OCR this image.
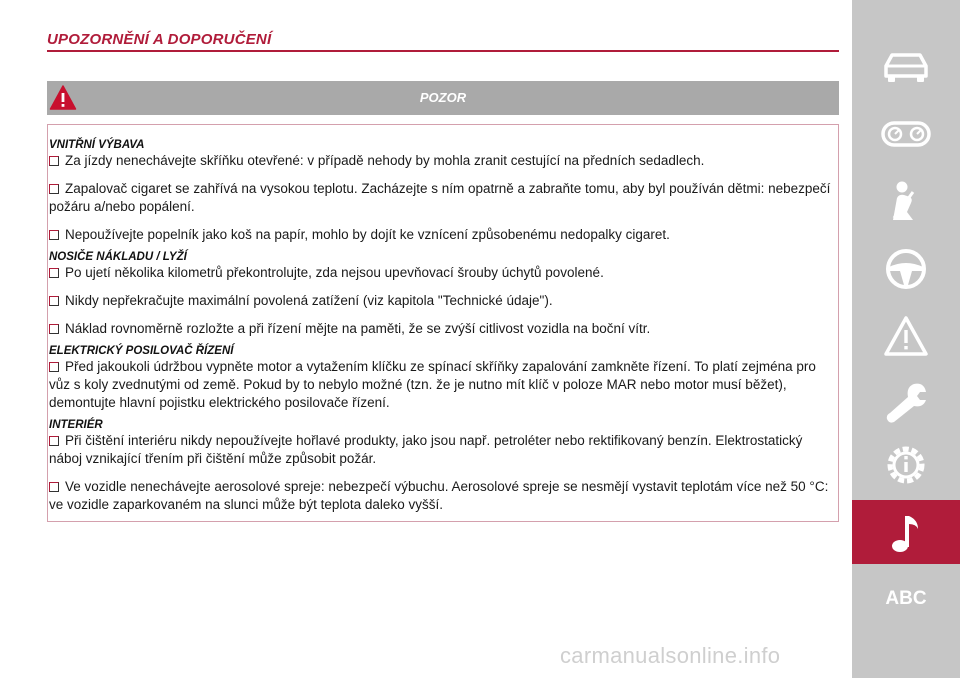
UPOZORNĚNÍ A DOPORUČENÍ
POZOR
VNITŘNÍ VÝBAVA
Za jízdy nenechávejte skříňku otevřené: v případě nehody by mohla zranit cestující na předních sedadlech.
Zapalovač cigaret se zahřívá na vysokou teplotu. Zacházejte s ním opatrně a zabraňte tomu, aby byl používán dětmi: nebezpečí požáru a/nebo popálení.
Nepoužívejte popelník jako koš na papír, mohlo by dojít ke vznícení způsobenému nedopalky cigaret.
NOSIČE NÁKLADU / LYŽÍ
Po ujetí několika kilometrů překontrolujte, zda nejsou upevňovací šrouby úchytů povolené.
Nikdy nepřekračujte maximální povolená zatížení (viz kapitola "Technické údaje").
Náklad rovnoměrně rozložte a při řízení mějte na paměti, že se zvýší citlivost vozidla na boční vítr.
ELEKTRICKÝ POSILOVAČ ŘÍZENÍ
Před jakoukoli údržbou vypněte motor a vytažením klíčku ze spínací skříňky zapalování zamkněte řízení. To platí zejména pro vůz s koly zvednutými od země. Pokud by to nebylo možné (tzn. že je nutno mít klíč v poloze MAR nebo motor musí běžet), demontujte hlavní pojistku elektrického posilovače řízení.
INTERIÉR
Při čištění interiéru nikdy nepoužívejte hořlavé produkty, jako jsou např. petroléter nebo rektifikovaný benzín. Elektrostatický náboj vznikající třením při čištění může způsobit požár.
Ve vozidle nenechávejte aerosolové spreje: nebezpečí výbuchu. Aerosolové spreje se nesmějí vystavit teplotám více než 50 °C: ve vozidle zaparkovaném na slunci může být teplota daleko vyšší.
ABC
carmanualsonline.info
